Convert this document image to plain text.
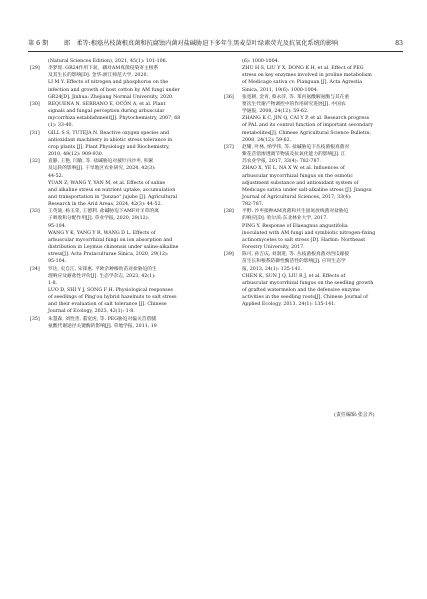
第 6 期	郎　柔等:根癌丛枝菌根真菌和抗腐蚀内菌对盐碱胁迫下多年生黑麦草叶绿素荧光及抗氧化系统的影响	83
(Natural Sciences Edition), 2021, 45(1): 101-106.
[29] 李梦瑶. GR24作用下氮、磷对AM真菌侵染寄主根系
及其生长的影响[D]. 金华:浙江师范大学, 2020.
LI M Y. Effects of nitrogen and phosphorus on the
infection and growth of host cotton by AM fungi under
GR24[D]. Jinhua: Zhejiang Normal University, 2020.
[30] REQUENA N, SERRANO E, OCÓN A, et al. Plant
signals and fungal perception during arbuscular
mycorrhiza establishment[J]. Phytochemistry, 2007, 68
(1): 33-40.
[31] GILL S S, TUTEJA N. Reactive oxygen species and
antioxidant machinery in abiotic stress tolerance in
crop plants [J]. Plant Physiology and Biochemistry,
2010, 48(12): 909-930.
[32] 袁静, 王艳, 闫敏, 等. 盐碱胁迫对披针丹沙枣, 积累
及运转的影响[J]. 干旱地区农业研究, 2024, 42(3):
44-52.
YUAN Z, WANG Y, YAN M, et al. Effects of saline
and alkaline stress on nutrient uptake, accumulation
and transportation in "Junzao" jujube [J]. Agricultural
Research in the Arid Areas, 2024, 42(3): 44-52.
[33] 王英迪, 杨玉荣, 王德利. 盐碱胁迫下AMF对羊草的离
子吸收和分配作用[J]. 草业学报, 2020, 29(12):
95-104.
WANG Y K, YANG Y R, WANG D L. Effects of
arbuscular mycorrhizal fungi on ion absorption and
distribution in Leymus chinensis under saline-alkaline
stress[J]. Acta Prataculturae Sinica, 2020, 29(12):
95-104.
[34] 罗达, 史自江, 宋锋惠. 平欧杂种榛幼苗对盐胁迫的生
理响应及耐盐性评价[J]. 生态学杂志, 2023, 42(1):
1-8.
LUO D, SHI Y J, SONG F H. Physiological responses
of seedlings of Ping'ou hybrid hazelnuts to salt stress
and their evaluation of salt tolerance [J]. Chinese
Journal of Ecology, 2023, 42(1): 1-8.
[35] 朱慧森, 刘性善, 董宽虎, 等. PEG胁迫对偏关苜蓿脯
氨酸代谢途径关键酶的影响[J]. 草地学报, 2011, 19
(6): 1000-1004.
ZHU H S, LIU Y X, DONG K H, et al. Effect of PEG
stress on key enzymes involved in proline metabolism
of Medicago sativa cv. Pianguan [J]. Acta Agrestia
Sinica, 2011, 19(6): 1000-1004.
[36] 张宽朝, 金青, 蔡永萍, 等. 苯丙氨酸解氨酶与其在重
要次生代谢产物调控中的作用研究进展[J]. 中国农
学通报, 2008, 24(12): 59-62.
ZHANG K C, JIN Q, CAI Y P, et al. Research progress
of PAL and its control function of important secondary
metabolites[J]. Chinese Agricultural Science Bulletin,
2008, 24(12): 59-62.
[37] 赵耀, 叶林, 纳学伟, 等. 盐碱胁迫下丛枝菌根真菌对
紫花苜蓿渗透调节物质及抗氧化能力的影响[J]. 江
苏农业学报, 2017, 33(4): 782-787.
ZHAO X, YE L, NA X W, et al. Influences of
arbuscular mycorrhizal fungus on the osmotic
adjustment substance and antioxidant system of
Medicago sativa under salt-alkaline stress [J]. Jiangsu
Journal of Agricultural Sciences, 2017, 33(4):
782-787.
[38] 平野. 沙枣接种AM真菌和共生固氮放线菌对盐胁迫
的响应[D]. 哈尔滨:东北林业大学, 2017.
PING Y. Response of Elaeagnus angustifolia
inoculated with AM fungi and symbiotic nitrogen-fixing
actinomycetes to salt stress [D]. Harbin: Northeast
Forestry University, 2017.
[39] 陈可, 孙吉庆, 刘润进, 等. 丛枝菌根真菌对西瓜嫁接
苗生长和根系防御性酶活性的影响[J]. 应用生态学
报, 2013, 24(1): 135-141.
CHEN K, SUN J Q, LIU R J, et al. Effects of
arbuscular mycorrhizal fungus on the seedling growth
of grafted watermelon and the defensive enzyme
activities in the seedling roots[J]. Chinese Journal of
Applied Ecology, 2013, 24(1): 135-141.
(责任编辑:张会齐)
